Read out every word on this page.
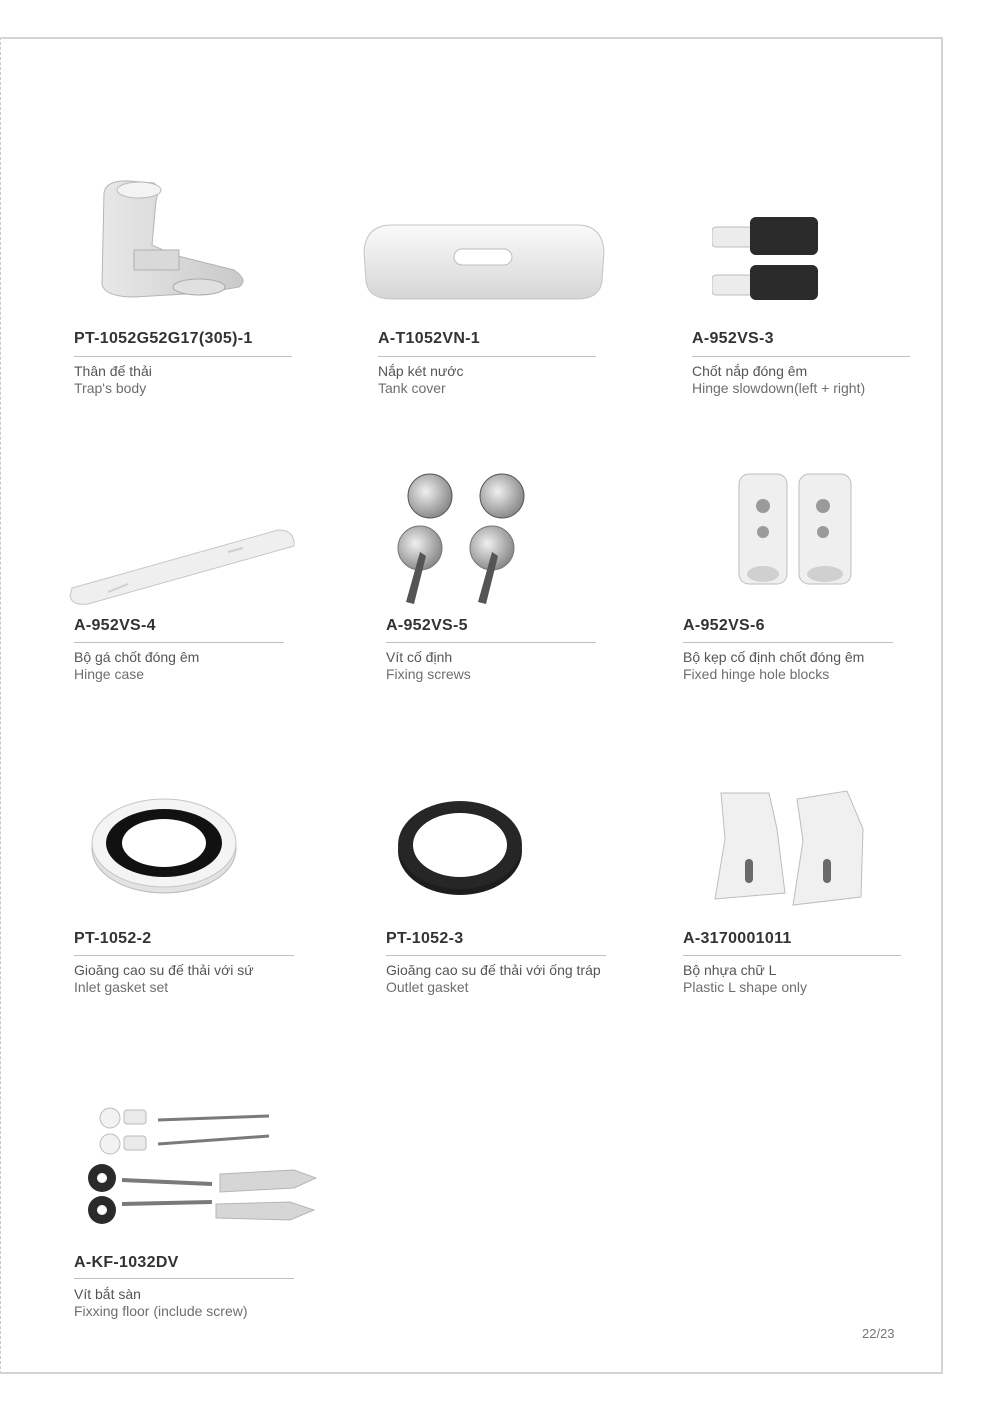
PT-1052G52G17(305)-1
Thân đế thải
Trap's body
A-T1052VN-1
Nắp két nước
Tank cover
A-952VS-3
Chốt nắp đóng êm
Hinge slowdown(left + right)
A-952VS-4
Bộ gá chốt đóng êm
Hinge case
A-952VS-5
Vít cố định
Fixing screws
A-952VS-6
Bộ kẹp cố định chốt đóng êm
Fixed hinge hole blocks
PT-1052-2
Gioăng cao su đế thải với sứ
Inlet gasket set
PT-1052-3
Gioăng cao su đế thải với ống tráp
Outlet gasket
A-3170001011
Bộ nhựa chữ L
Plastic L shape only
A-KF-1032DV
Vít bắt sàn
Fixxing floor (include screw)
22/23
